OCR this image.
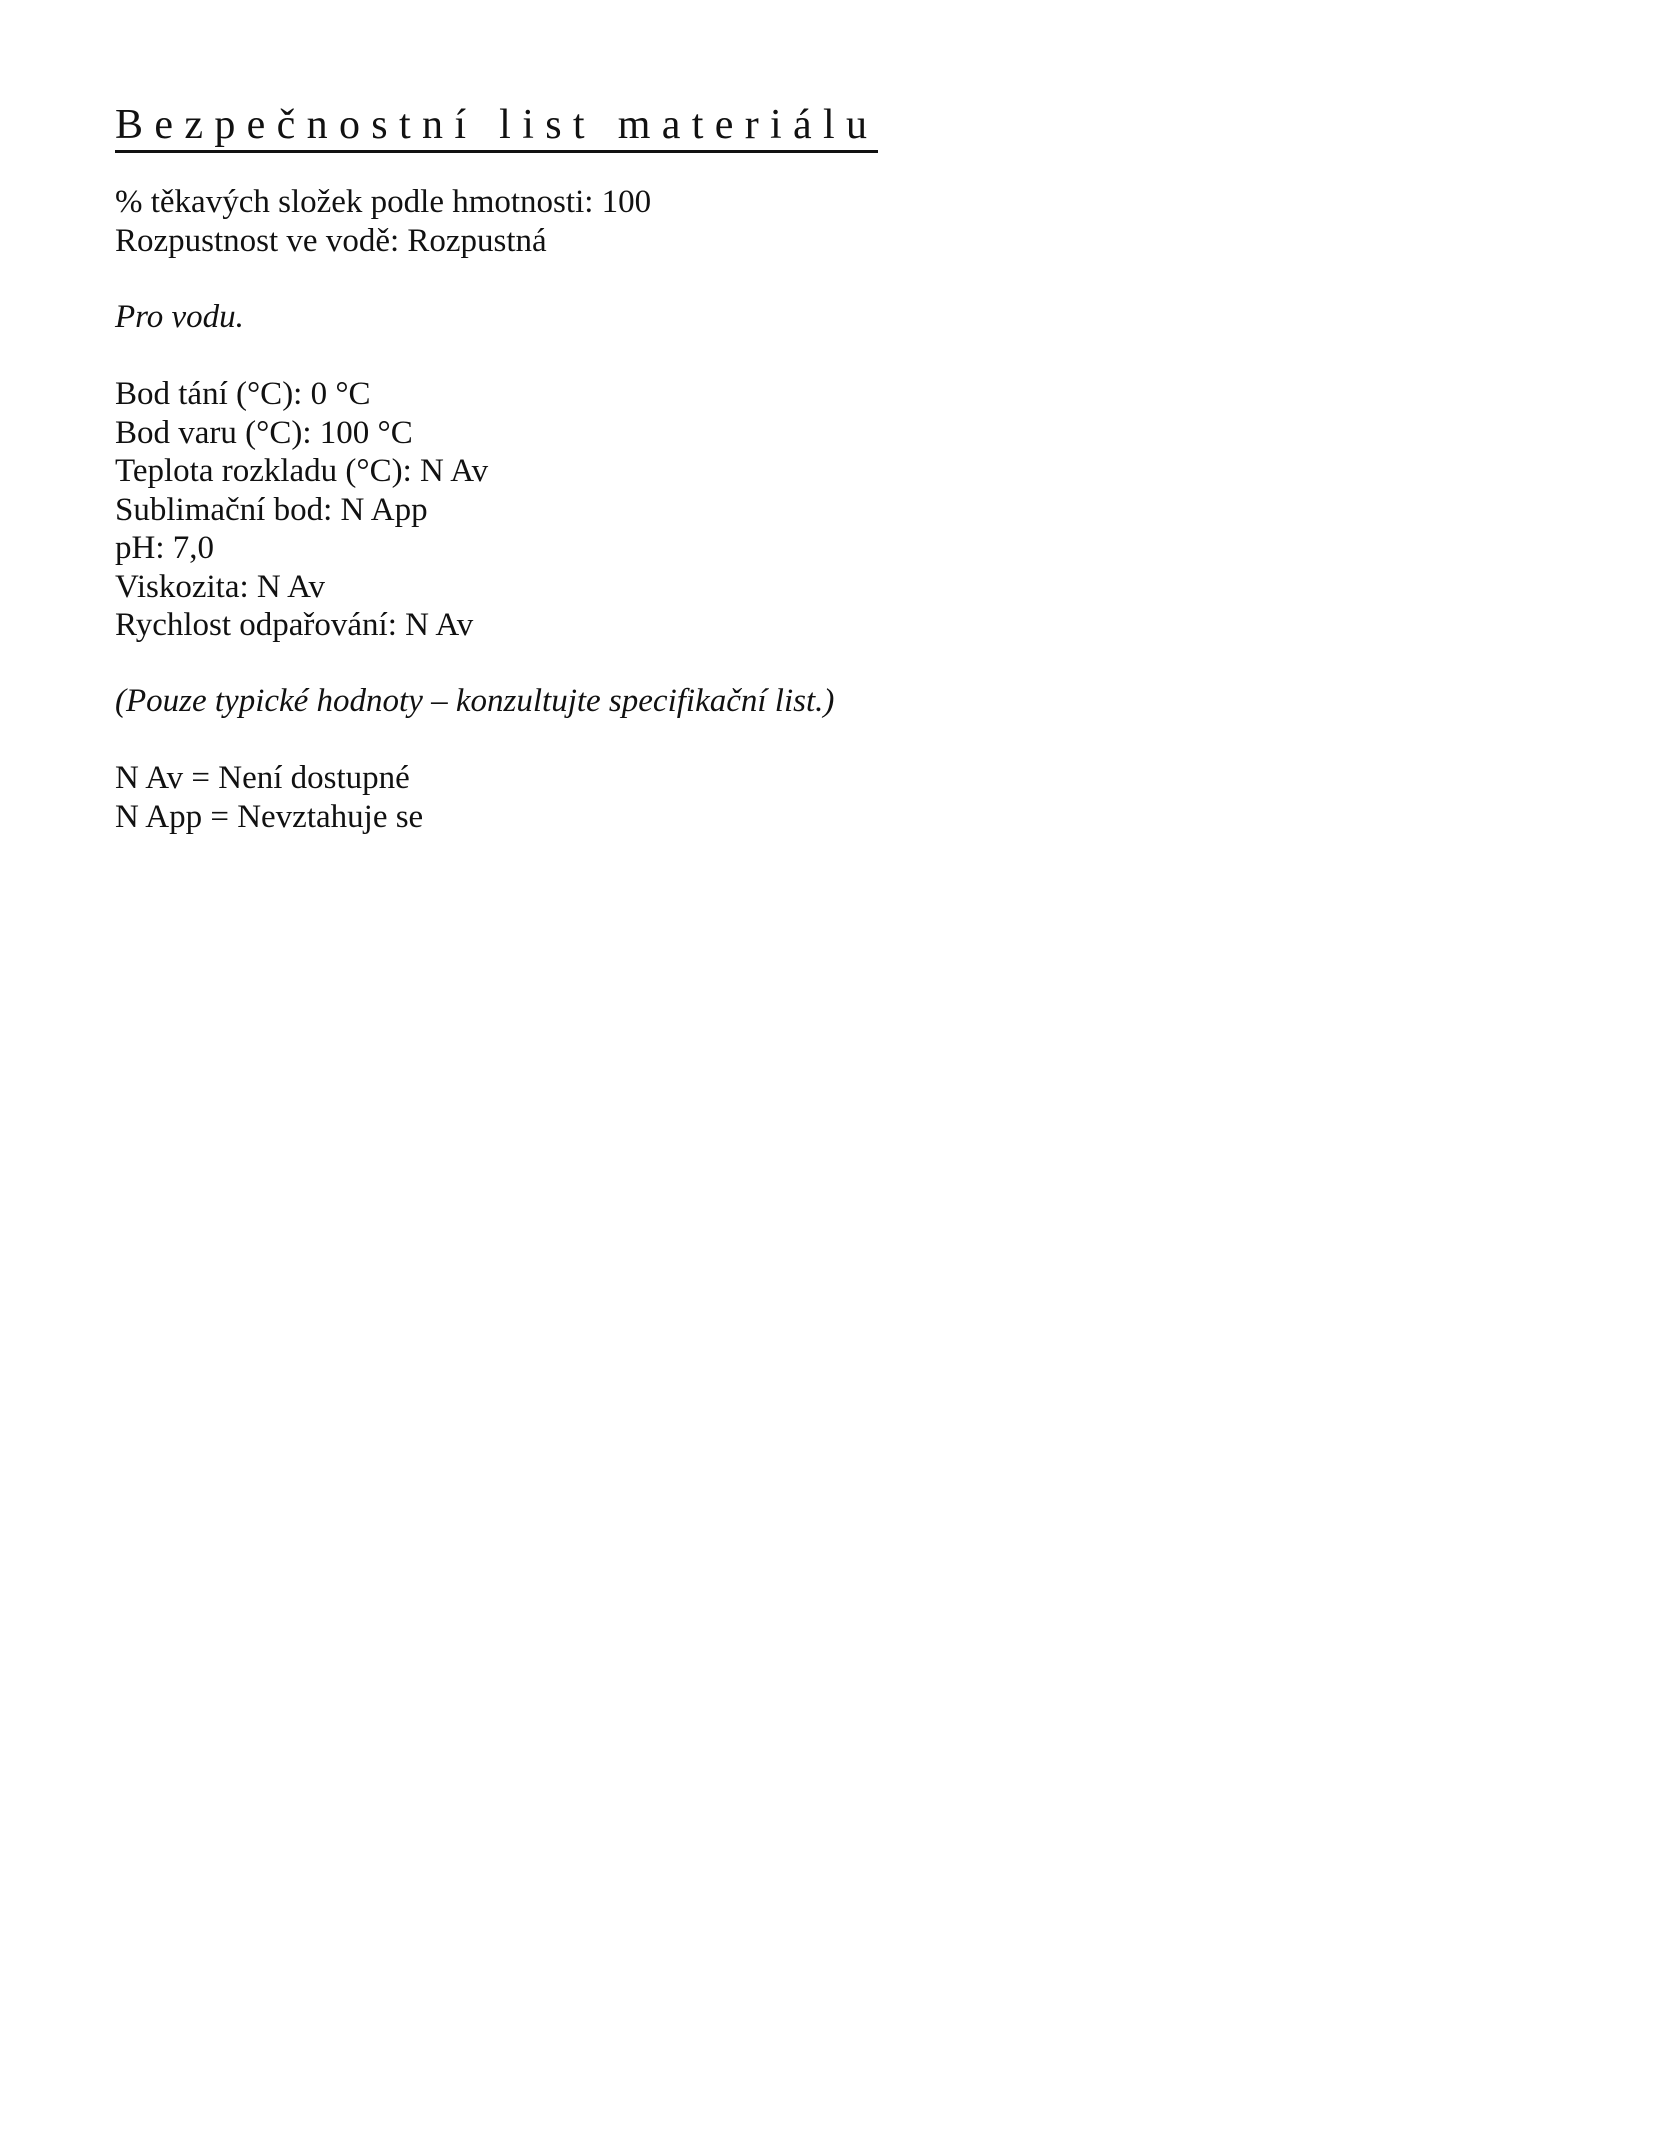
Bezpečnostní list materiálu
% těkavých složek podle hmotnosti: 100
Rozpustnost ve vodě: Rozpustná
Pro vodu.
Bod tání (°C): 0 °C
Bod varu (°C): 100 °C
Teplota rozkladu (°C): N Av
Sublimační bod: N App
pH: 7,0
Viskozita: N Av
Rychlost odpařování: N Av
(Pouze typické hodnoty – konzultujte specifikační list.)
N Av = Není dostupné
N App = Nevztahuje se
